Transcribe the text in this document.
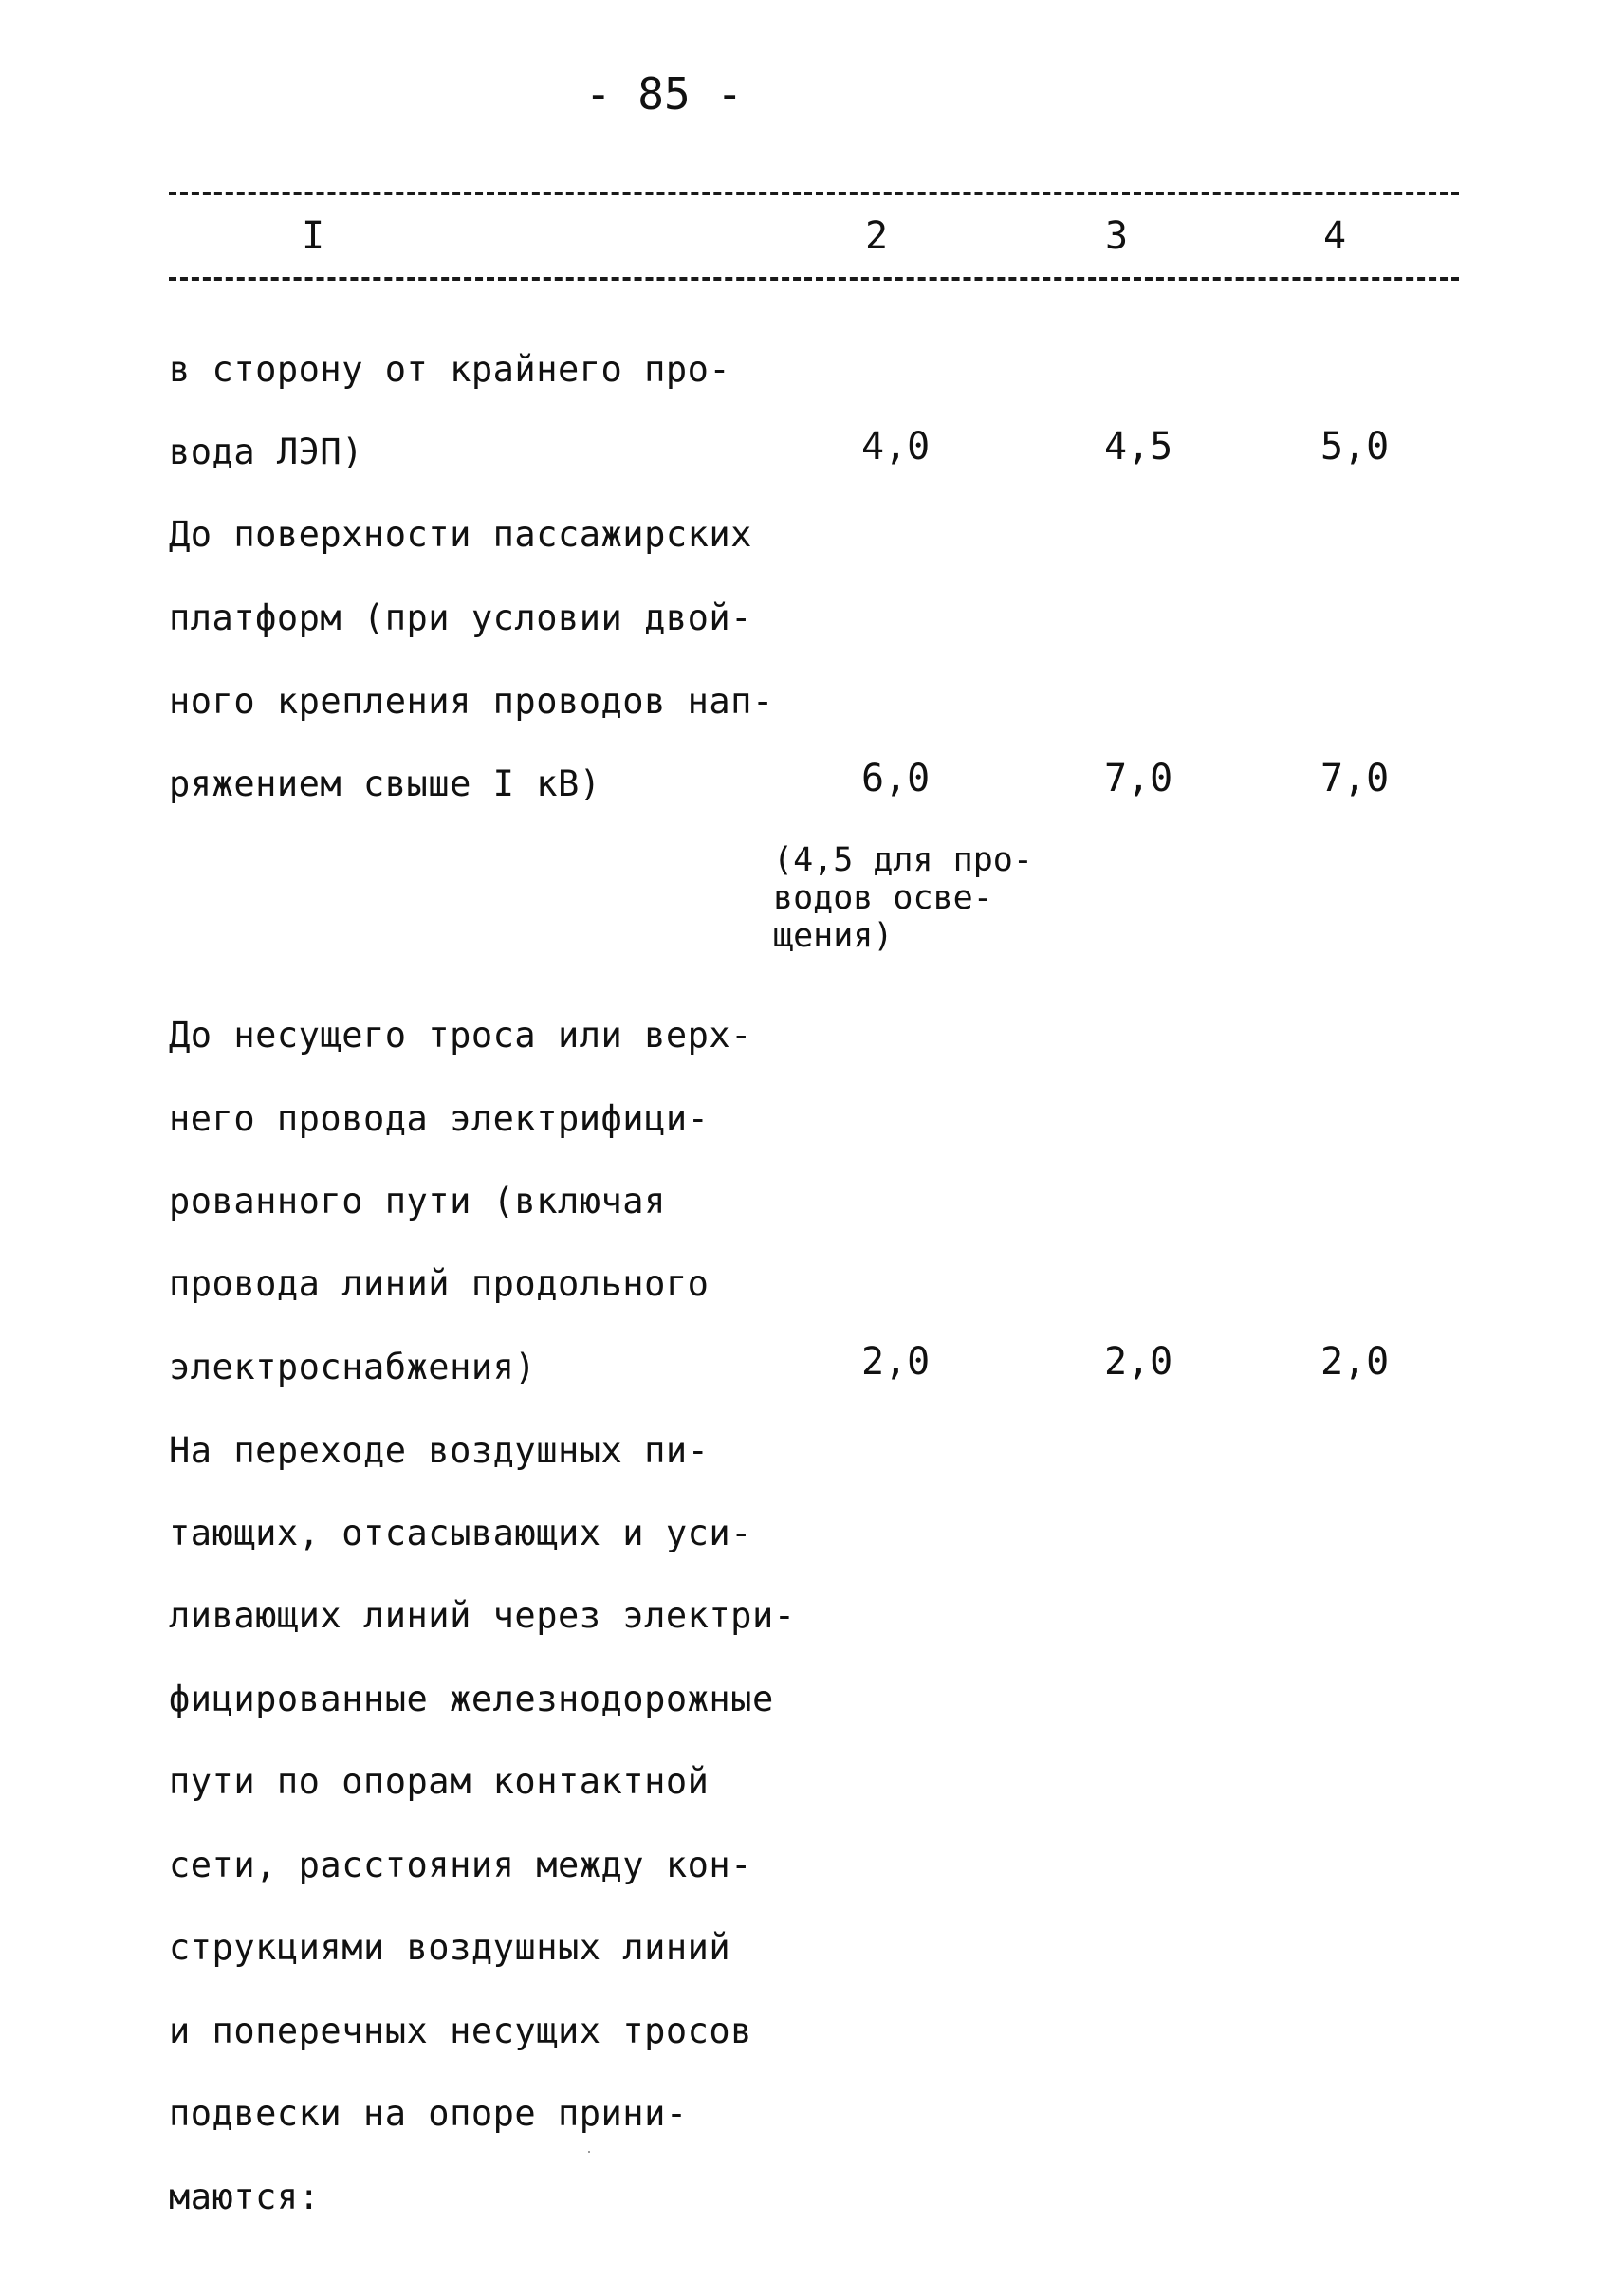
- 85 -
I	2	3	4
в сторону от крайнего про-
вода ЛЭП)	4,0	4,5	5,0
До поверхности пассажирских
платформ (при условии двой-
ного крепления проводов нап-
ряжением свыше I кВ)	6,0	7,0	7,0
(4,5 для про-
водов осве-
щения)
До несущего троса или верх-
него провода электрифици-
рованного пути (включая
провода линий продольного
электроснабжения)	2,0	2,0	2,0
На переходе воздушных пи-
тающих, отсасывающих и уси-
ливающих линий через электри-
фицированные железнодорожные
пути по опорам контактной
сети, расстояния между кон-
струкциями воздушных линий
и поперечных несущих тросов
подвески на опоре прини-
маются:
